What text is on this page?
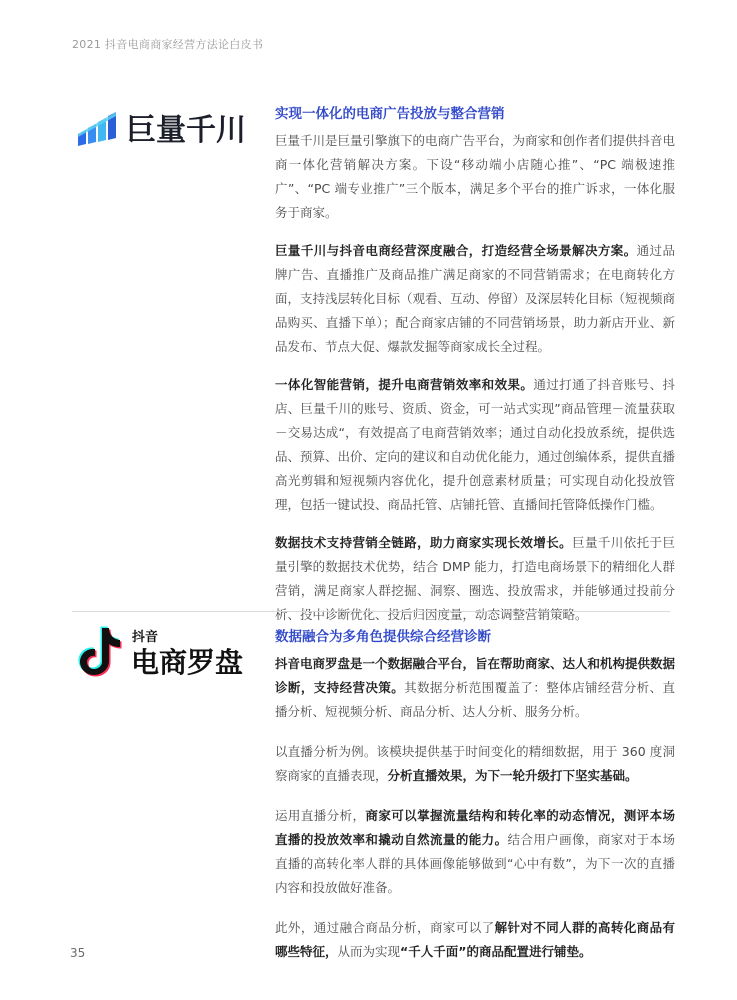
2021 抖音电商商家经营方法论白皮书
巨量千川 实现一体化的电商广告投放与整合营销

巨量千川是巨量引擎旗下的电商广告平台，为商家和创作者们提供抖音电商一体化营销解决方案。下设“移动端小店随心推”、“PC 端极速推广”、“PC 端专业推广”三个版本，满足多个平台的推广诉求，一体化服务于商家。

巨量千川与抖音电商经营深度融合，打造经营全场景解决方案。通过品牌广告、直播推广及商品推广满足商家的不同营销需求；在电商转化方面，支持浅层转化目标（观看、互动、停留）及深层转化目标（短视频商品购买、直播下单）；配合商家店铺的不同营销场景，助力新店开业、新品发布、节点大促、爆款发掘等商家成长全过程。

一体化智能营销，提升电商营销效率和效果。通过打通了抖音账号、抖店、巨量千川的账号、资质、资金，可一站式实现”商品管理－流量获取－交易达成“，有效提高了电商营销效率；通过自动化投放系统，提供选品、预算、出价、定向的建议和自动优化能力，通过创编体系，提供直播高光剪辑和短视频内容优化，提升创意素材质量；可实现自动化投放管理，包括一键试投、商品托管、店铺托管、直播间托管降低操作门槛。

数据技术支持营销全链路，助力商家实现长效增长。巨量千川依托于巨量引擎的数据技术优势，结合 DMP 能力，打造电商场景下的精细化人群营销，满足商家人群挖掘、洞察、圈选、投放需求，并能够通过投前分析、投中诊断优化、投后归因度量，动态调整营销策略。

抖音
电商罗盘

数据融合为多角色提供综合经营诊断

抖音电商罗盘是一个数据融合平台，旨在帮助商家、达人和机构提供数据诊断，支持经营决策。其数据分析范围覆盖了：整体店铺经营分析、直播分析、短视频分析、商品分析、达人分析、服务分析。

以直播分析为例。该模块提供基于时间变化的精细数据，用于 360 度洞察商家的直播表现，分析直播效果，为下一轮升级打下坚实基础。

运用直播分析，商家可以掌握流量结构和转化率的动态情况，测评本场直播的投放效率和撬动自然流量的能力。结合用户画像，商家对于本场直播的高转化率人群的具体画像能够做到“心中有数”，为下一次的直播内容和投放做好准备。

此外，通过融合商品分析，商家可以了解针对不同人群的高转化商品有哪些特征，从而为实现“千人千面”的商品配置进行铺垫。

35
